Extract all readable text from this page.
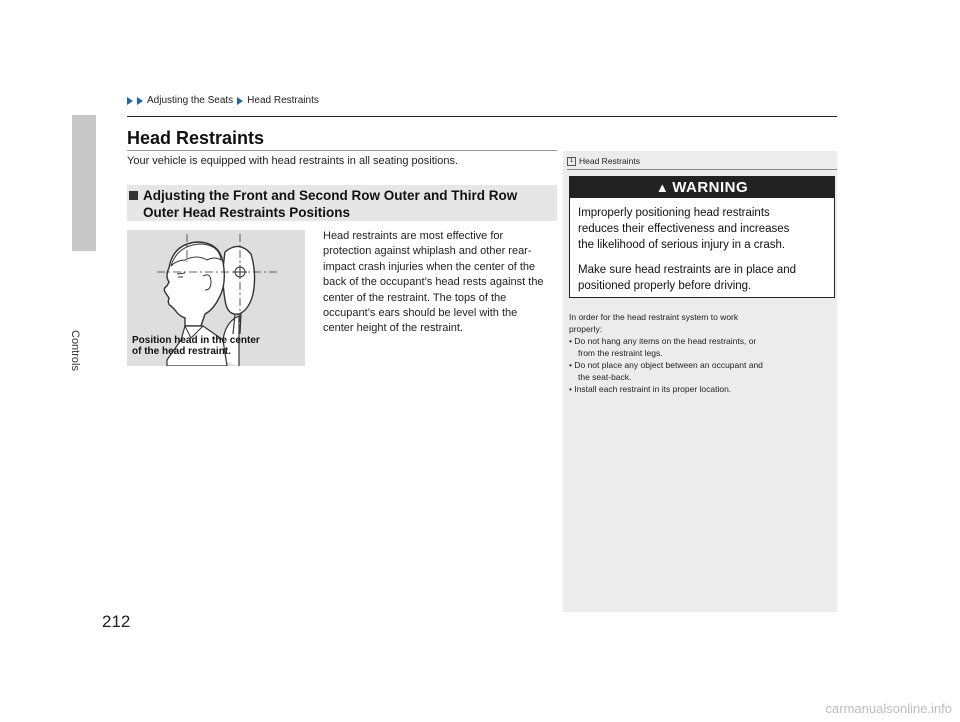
Controls
212
Adjusting the Seats Head Restraints
Head Restraints
Your vehicle is equipped with head restraints in all seating positions.
Adjusting the Front and Second Row Outer and Third Row
Outer Head Restraints Positions
Position head in the center
of the head restraint.
Head restraints are most effective for
protection against whiplash and other rear-
impact crash injuries when the center of the
back of the occupant’s head rests against the
center of the restraint. The tops of the
occupant’s ears should be level with the
center height of the restraint.
1 Head Restraints
▲ WARNING

Improperly positioning head restraints

reduces their effectiveness and increases

the likelihood of serious injury in a crash.

Make sure head restraints are in place and

positioned properly before driving.

In order for the head restraint system to work
properly:
• Do not hang any items on the head restraints, or
from the restraint legs.
• Do not place any object between an occupant and
the seat-back.
• Install each restraint in its proper location.
carmanualsonline.info
